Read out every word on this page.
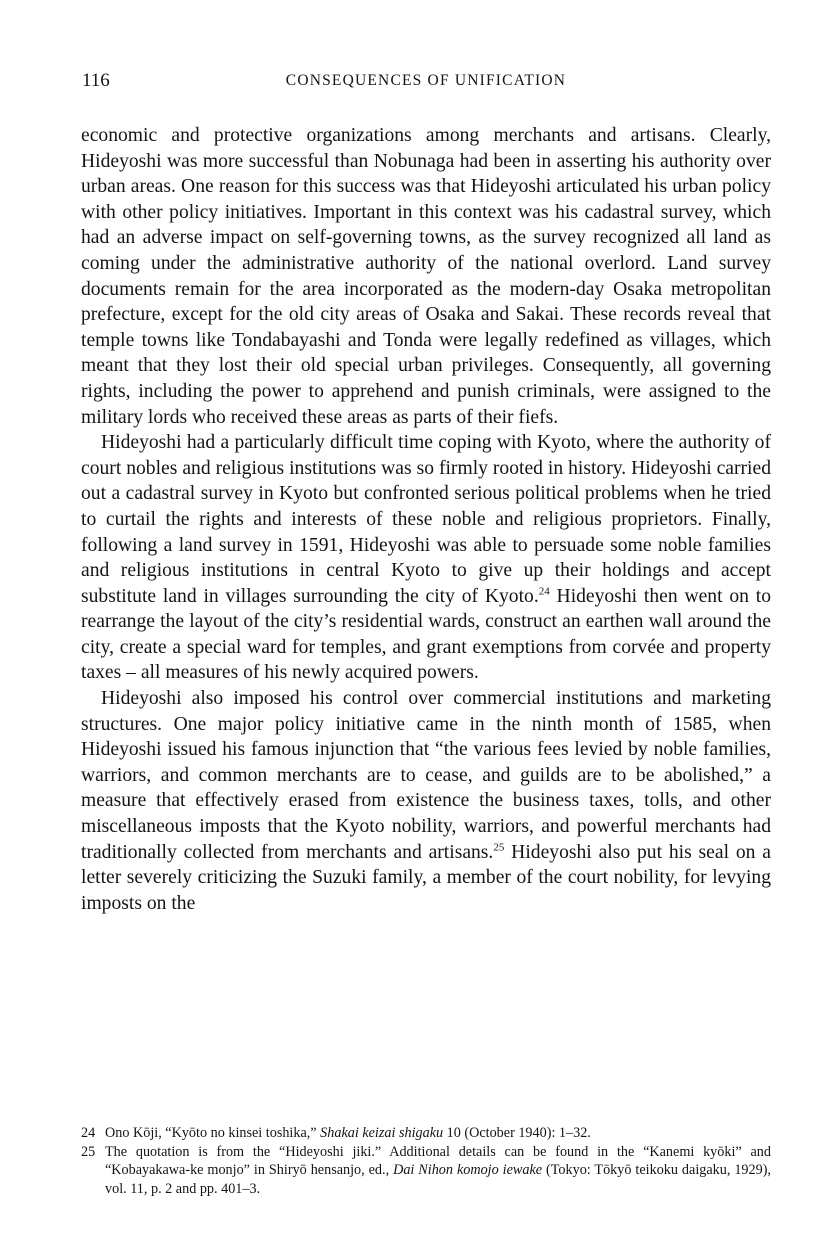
116	CONSEQUENCES OF UNIFICATION

economic and protective organizations among merchants and artisans. Clearly, Hideyoshi was more successful than Nobunaga had been in asserting his authority over urban areas. One reason for this success was that Hideyoshi articulated his urban policy with other policy initiatives. Important in this context was his cadastral survey, which had an adverse impact on self-governing towns, as the survey recognized all land as coming under the administrative authority of the national overlord. Land survey documents remain for the area incorporated as the modern-day Osaka metropolitan prefecture, except for the old city areas of Osaka and Sakai. These records reveal that temple towns like Tondabayashi and Tonda were legally redefined as villages, which meant that they lost their old special urban privileges. Consequently, all governing rights, including the power to apprehend and punish criminals, were assigned to the military lords who received these areas as parts of their fiefs.

Hideyoshi had a particularly difficult time coping with Kyoto, where the authority of court nobles and religious institutions was so firmly rooted in history. Hideyoshi carried out a cadastral survey in Kyoto but confronted serious political problems when he tried to curtail the rights and interests of these noble and religious proprietors. Finally, following a land survey in 1591, Hideyoshi was able to persuade some noble families and religious institutions in central Kyoto to give up their holdings and accept substitute land in villages surrounding the city of Kyoto.$^{24}$ Hideyoshi then went on to rearrange the layout of the city’s residential wards, construct an earthen wall around the city, create a special ward for temples, and grant exemptions from corvée and property taxes – all measures of his newly acquired powers.

Hideyoshi also imposed his control over commercial institutions and marketing structures. One major policy initiative came in the ninth month of 1585, when Hideyoshi issued his famous injunction that “the various fees levied by noble families, warriors, and common merchants are to cease, and guilds are to be abolished,” a measure that effectively erased from existence the business taxes, tolls, and other miscellaneous imposts that the Kyoto nobility, warriors, and powerful merchants had traditionally collected from merchants and artisans.$^{25}$ Hideyoshi also put his seal on a letter severely criticizing the Suzuki family, a member of the court nobility, for levying imposts on the

24 Ono Kōji, “Kyōto no kinsei toshika,” Shakai keizai shigaku 10 (October 1940): 1–32.
25 The quotation is from the “Hideyoshi jiki.” Additional details can be found in the “Kanemi kyōki” and “Kobayakawa-ke monjo” in Shiryō hensanjo, ed., Dai Nihon komojo iewake (Tokyo: Tōkyō teikoku daigaku, 1929), vol. 11, p. 2 and pp. 401–3.
